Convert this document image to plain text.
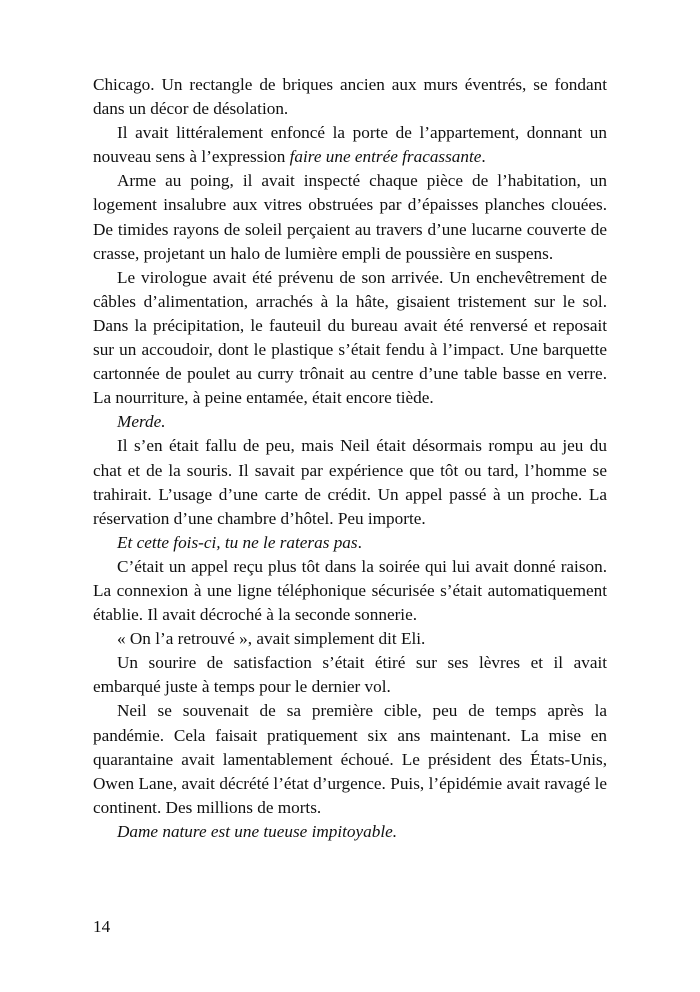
Chicago. Un rectangle de briques ancien aux murs éventrés, se fondant dans un décor de désolation.

Il avait littéralement enfoncé la porte de l’appartement, donnant un nouveau sens à l’expression faire une entrée fracassante.

Arme au poing, il avait inspecté chaque pièce de l’habitation, un logement insalubre aux vitres obstruées par d’épaisses planches clouées. De timides rayons de soleil perçaient au travers d’une lucarne couverte de crasse, projetant un halo de lumière empli de poussière en suspens.

Le virologue avait été prévenu de son arrivée. Un enchevêtrement de câbles d’alimentation, arrachés à la hâte, gisaient tristement sur le sol. Dans la précipitation, le fauteuil du bureau avait été renversé et reposait sur un accoudoir, dont le plastique s’était fendu à l’impact. Une barquette cartonnée de poulet au curry trônait au centre d’une table basse en verre. La nourriture, à peine entamée, était encore tiède.

Merde.

Il s’en était fallu de peu, mais Neil était désormais rompu au jeu du chat et de la souris. Il savait par expérience que tôt ou tard, l’homme se trahirait. L’usage d’une carte de crédit. Un appel passé à un proche. La réservation d’une chambre d’hôtel. Peu importe.

Et cette fois-ci, tu ne le rateras pas.

C’était un appel reçu plus tôt dans la soirée qui lui avait donné raison. La connexion à une ligne téléphonique sécurisée s’était automatiquement établie. Il avait décroché à la seconde sonnerie.

« On l’a retrouvé », avait simplement dit Eli.

Un sourire de satisfaction s’était étiré sur ses lèvres et il avait embarqué juste à temps pour le dernier vol.

Neil se souvenait de sa première cible, peu de temps après la pandémie. Cela faisait pratiquement six ans maintenant. La mise en quarantaine avait lamentablement échoué. Le président des États-Unis, Owen Lane, avait décrété l’état d’urgence. Puis, l’épidémie avait ravagé le continent. Des millions de morts.

Dame nature est une tueuse impitoyable.

14
